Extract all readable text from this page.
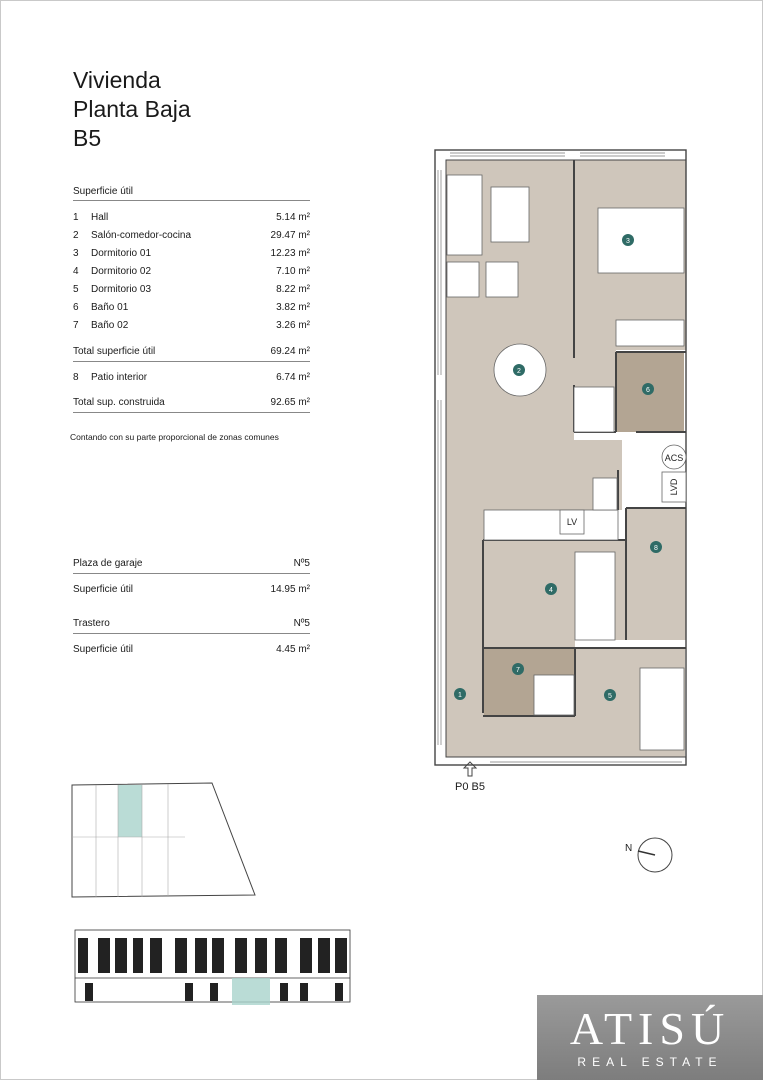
Vivienda
Planta Baja
B5
Superficie útil
1 Hall	5.14 m²
2 Salón-comedor-cocina	29.47 m²
3 Dormitorio 01	12.23 m²
4 Dormitorio 02	7.10 m²
5 Dormitorio 03	8.22 m²
6 Baño 01	3.82 m²
7 Baño 02	3.26 m²
Total superficie útil	69.24 m²
8 Patio interior	6.74 m²
Total sup. construida	92.65 m²
Contando con su parte proporcional de zonas comunes
Plaza de garaje	Nº5
Superficie útil	14.95 m²
Trastero	Nº5
Superficie útil	4.45 m²
1
2
3
4
5
6
7
8
ACS
LVD
LV
P0 B5
N
ATISÚ
REAL ESTATE
